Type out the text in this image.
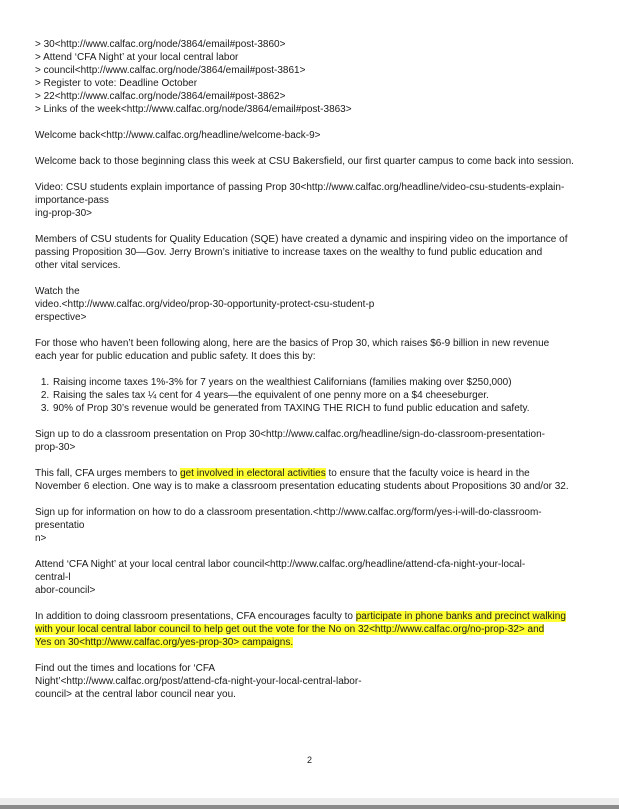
> 30<http://www.calfac.org/node/3864/email#post-3860>
> Attend ‘CFA Night’ at your local central labor
> council<http://www.calfac.org/node/3864/email#post-3861>
> Register to vote: Deadline October
> 22<http://www.calfac.org/node/3864/email#post-3862>
> Links of the week<http://www.calfac.org/node/3864/email#post-3863>
Welcome back<http://www.calfac.org/headline/welcome-back-9>
Welcome back to those beginning class this week at CSU Bakersfield, our first quarter campus to come back into session.
Video: CSU students explain importance of passing Prop 30<http://www.calfac.org/headline/video-csu-students-explain-
importance-pass
ing-prop-30>
Members of CSU students for Quality Education (SQE) have created a dynamic and inspiring video on the importance of
passing Proposition 30—Gov. Jerry Brown’s initiative to increase taxes on the wealthy to fund public education and
other vital services.
Watch the
video.<http://www.calfac.org/video/prop-30-opportunity-protect-csu-student-p
erspective>
For those who haven’t been following along, here are the basics of Prop 30, which raises $6-9 billion in new revenue
each year for public education and public safety. It does this by:
1. Raising income taxes 1%-3% for 7 years on the wealthiest Californians (families making over $250,000)
2. Raising the sales tax ¼ cent for 4 years—the equivalent of one penny more on a $4 cheeseburger.
3. 90% of Prop 30’s revenue would be generated from TAXING THE RICH to fund public education and safety.
Sign up to do a classroom presentation on Prop 30<http://www.calfac.org/headline/sign-do-classroom-presentation-
prop-30>
This fall, CFA urges members to get involved in electoral activities to ensure that the faculty voice is heard in the
November 6 election. One way is to make a classroom presentation educating students about Propositions 30 and/or 32.
Sign up for information on how to do a classroom presentation.<http://www.calfac.org/form/yes-i-will-do-classroom-
presentatio
n>
Attend ‘CFA Night’ at your local central labor council<http://www.calfac.org/headline/attend-cfa-night-your-local-
central-l
abor-council>
In addition to doing classroom presentations, CFA encourages faculty to participate in phone banks and precinct walking
with your local central labor council to help get out the vote for the No on 32<http://www.calfac.org/no-prop-32> and
Yes on 30<http://www.calfac.org/yes-prop-30> campaigns.
Find out the times and locations for ‘CFA
Night’<http://www.calfac.org/post/attend-cfa-night-your-local-central-labor-
council> at the central labor council near you.
2
